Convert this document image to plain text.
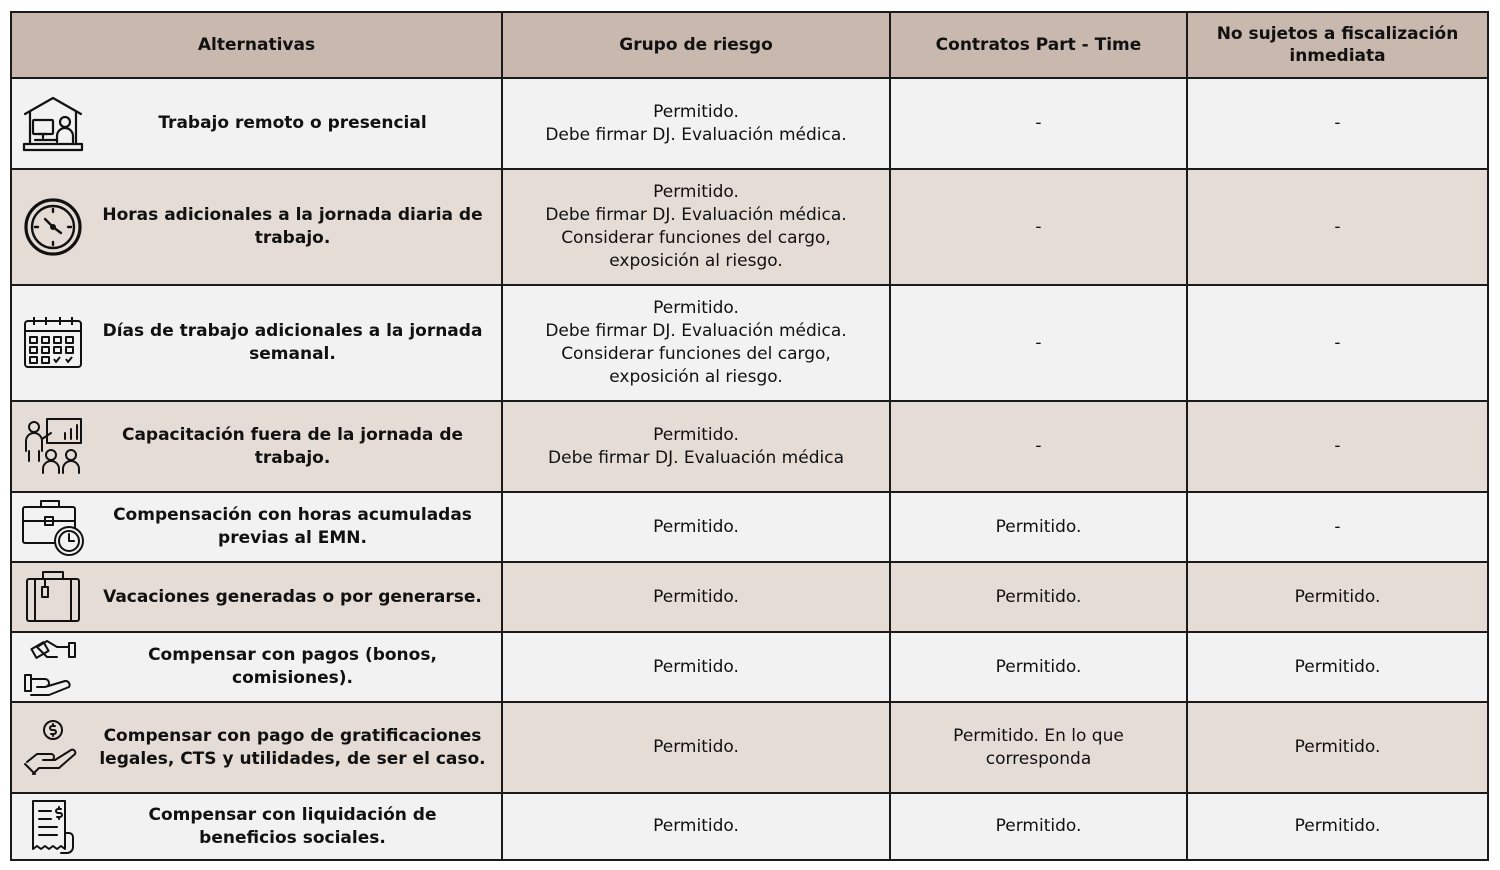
Alternativas	Grupo de riesgo	Contratos Part - Time	No sujetos a fiscalización inmediata

Trabajo remoto o presencial	Permitido.
Debe firmar DJ. Evaluación médica.	-	-

Horas adicionales a la jornada diaria de trabajo.	Permitido.
Debe firmar DJ. Evaluación médica.
Considerar funciones del cargo,
exposición al riesgo.	-	-

Días de trabajo adicionales a la jornada semanal.	Permitido.
Debe firmar DJ. Evaluación médica.
Considerar funciones del cargo,
exposición al riesgo.	-	-

Capacitación fuera de la jornada de trabajo.	Permitido.
Debe firmar DJ. Evaluación médica	-	-

Compensación con horas acumuladas previas al EMN.	Permitido.	Permitido.	-

Vacaciones generadas o por generarse.	Permitido.	Permitido.	Permitido.

Compensar con pagos (bonos, comisiones).	Permitido.	Permitido.	Permitido.

Compensar con pago de gratificaciones legales, CTS y utilidades, de ser el caso.	Permitido.	Permitido. En lo que corresponda	Permitido.

Compensar con liquidación de beneficios sociales.	Permitido.	Permitido.	Permitido.
